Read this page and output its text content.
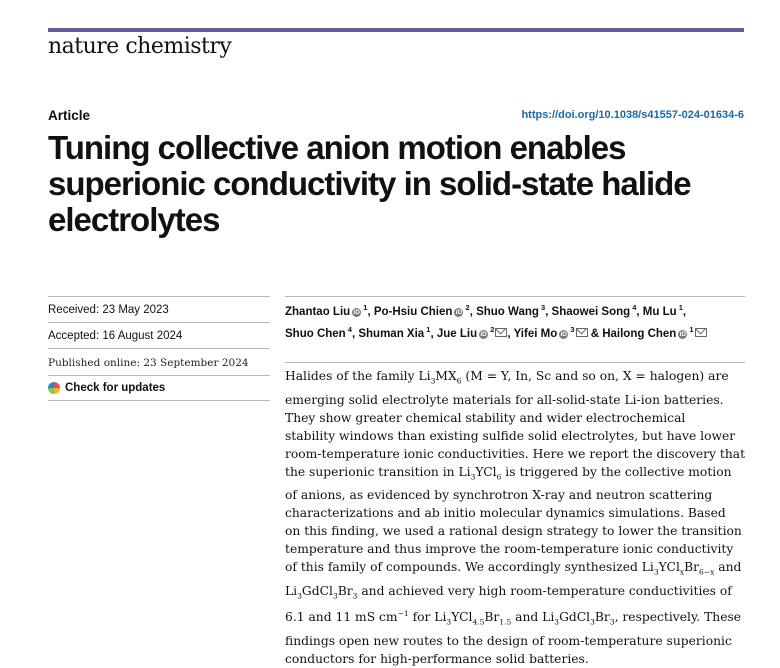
nature chemistry
Article	https://doi.org/10.1038/s41557-024-01634-6
Tuning collective anion motion enables
superionic conductivity in solid-state halide
electrolytes
Received: 23 May 2023
Accepted: 16 August 2024
Published online: 23 September 2024
Check for updates
Zhantao Liu iD $^1$, Po-Hsiu Chien iD $^2$, Shuo Wang $^3$, Shaowei Song $^4$, Mu Lu $^1$,
Shuo Chen $^4$, Shuman Xia $^1$, Jue Liu iD $^2$ , Yifei Mo iD $^3$ & Hailong Chen iD $^1$
Halides of the family $Li_3MX_6$ (M = Y, In, Sc and so on, X = halogen) are
emerging solid electrolyte materials for all-solid-state Li-ion batteries.
They show greater chemical stability and wider electrochemical
stability windows than existing sulfide solid electrolytes, but have lower
room-temperature ionic conductivities. Here we report the discovery that
the superionic transition in $Li_3YCl_6$ is triggered by the collective motion
of anions, as evidenced by synchrotron X-ray and neutron scattering
characterizations and ab initio molecular dynamics simulations. Based
on this finding, we used a rational design strategy to lower the transition
temperature and thus improve the room-temperature ionic conductivity
of this family of compounds. We accordingly synthesized $Li_3YCl_xBr_{6-x}$ and
$Li_3GdCl_3Br_3$ and achieved very high room-temperature conductivities of
6.1 and 11 mS $cm^{-1}$ for $Li_3YCl_{4.5}Br_{1.5}$ and $Li_3GdCl_3Br_3$, respectively. These
findings open new routes to the design of room-temperature superionic
conductors for high-performance solid batteries.
